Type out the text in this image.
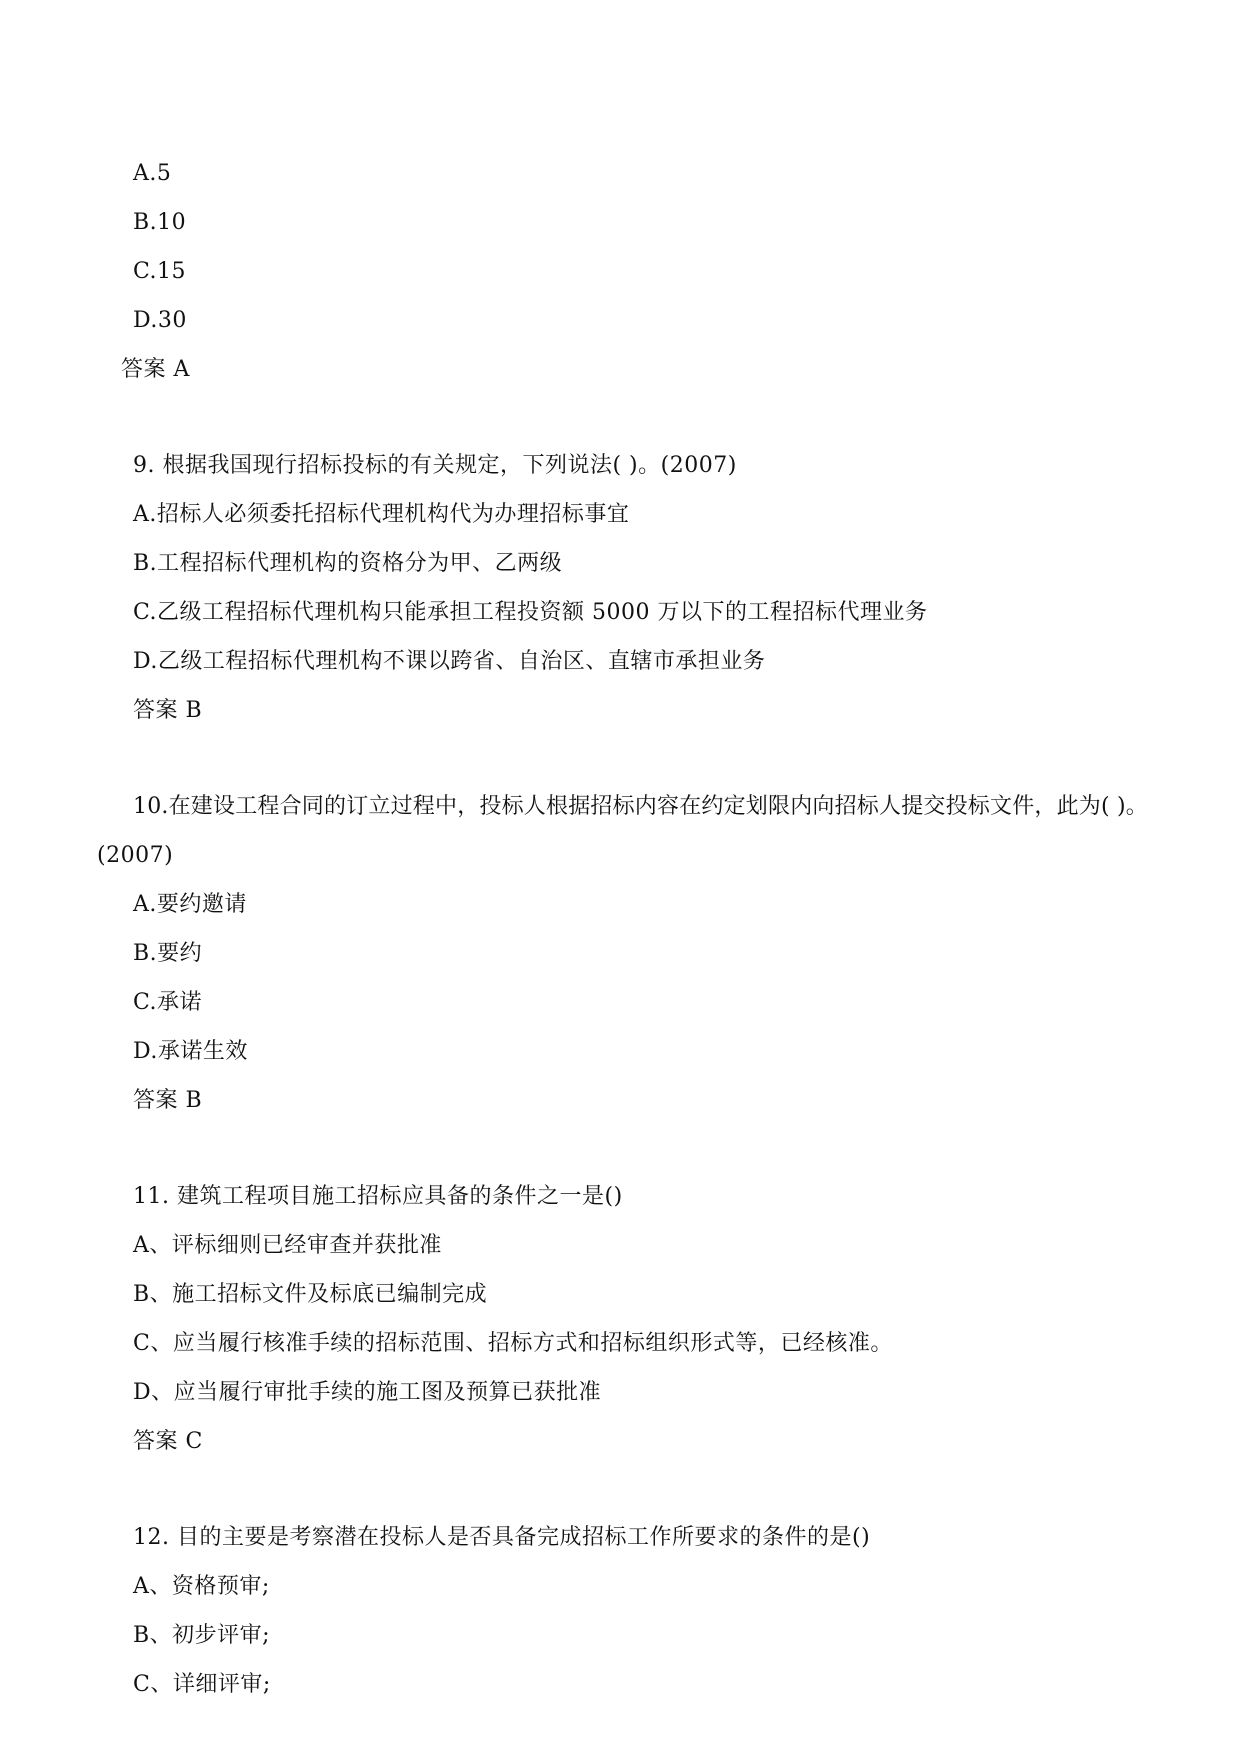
A.5
B.10
C.15
D.30
答案 A
9. 根据我国现行招标投标的有关规定，下列说法( )。(2007)
A.招标人必须委托招标代理机构代为办理招标事宜
B.工程招标代理机构的资格分为甲、乙两级
C.乙级工程招标代理机构只能承担工程投资额 5000 万以下的工程招标代理业务
D.乙级工程招标代理机构不课以跨省、自治区、直辖市承担业务
答案 B
10.在建设工程合同的订立过程中，投标人根据招标内容在约定划限内向招标人提交投标文件，此为( )。
(2007)
A.要约邀请
B.要约
C.承诺
D.承诺生效
答案 B
11. 建筑工程项目施工招标应具备的条件之一是()
A、评标细则已经审查并获批准
B、施工招标文件及标底已编制完成
C、应当履行核准手续的招标范围、招标方式和招标组织形式等，已经核准。
D、应当履行审批手续的施工图及预算已获批准
答案 C
12. 目的主要是考察潜在投标人是否具备完成招标工作所要求的条件的是()
A、资格预审;
B、初步评审;
C、详细评审;
